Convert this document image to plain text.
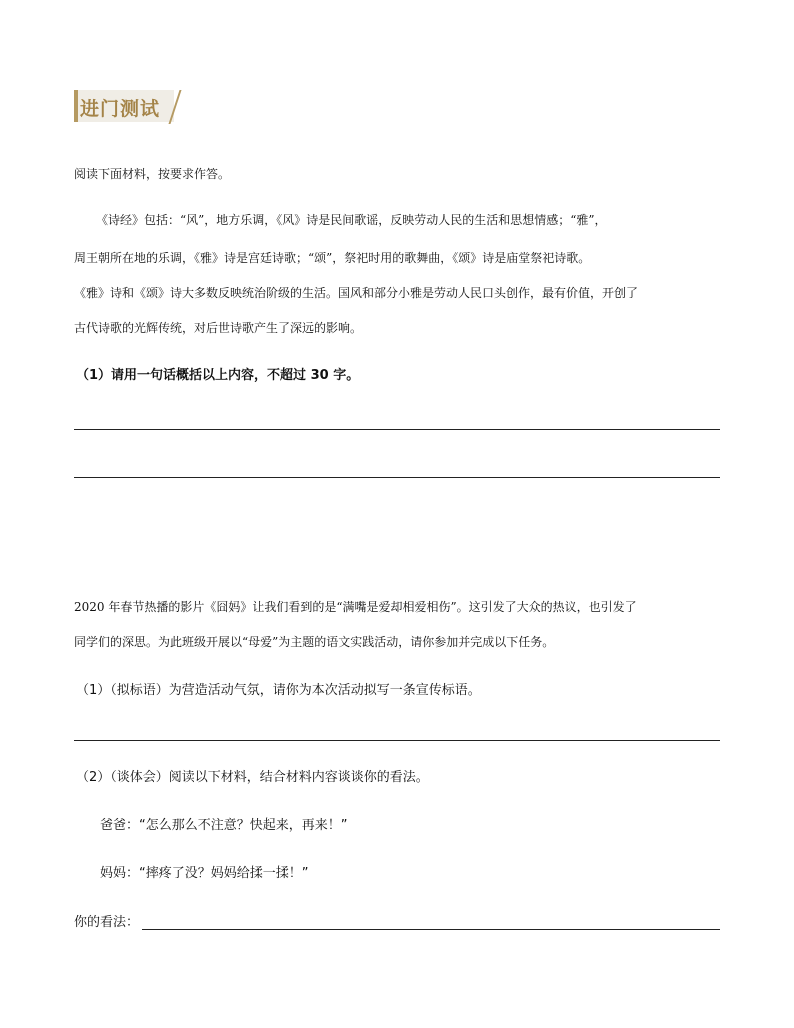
进门测试
阅读下面材料，按要求作答。
《诗经》包括：“风”，地方乐调，《风》诗是民间歌谣，反映劳动人民的生活和思想情感；“雅”，
周王朝所在地的乐调，《雅》诗是宫廷诗歌；“颂”，祭祀时用的歌舞曲，《颂》诗是庙堂祭祀诗歌。
《雅》诗和《颂》诗大多数反映统治阶级的生活。国风和部分小雅是劳动人民口头创作，最有价值，开创了
古代诗歌的光辉传统，对后世诗歌产生了深远的影响。
（1）请用一句话概括以上内容，不超过 30 字。
2020 年春节热播的影片《囧妈》让我们看到的是“满嘴是爱却相爱相伤”。这引发了大众的热议，也引发了
同学们的深思。为此班级开展以“母爱”为主题的语文实践活动，请你参加并完成以下任务。
（1）（拟标语）为营造活动气氛，请你为本次活动拟写一条宣传标语。
（2）（谈体会）阅读以下材料，结合材料内容谈谈你的看法。
爸爸：“怎么那么不注意？快起来，再来！”
妈妈：“摔疼了没？妈妈给揉一揉！”
你的看法：
